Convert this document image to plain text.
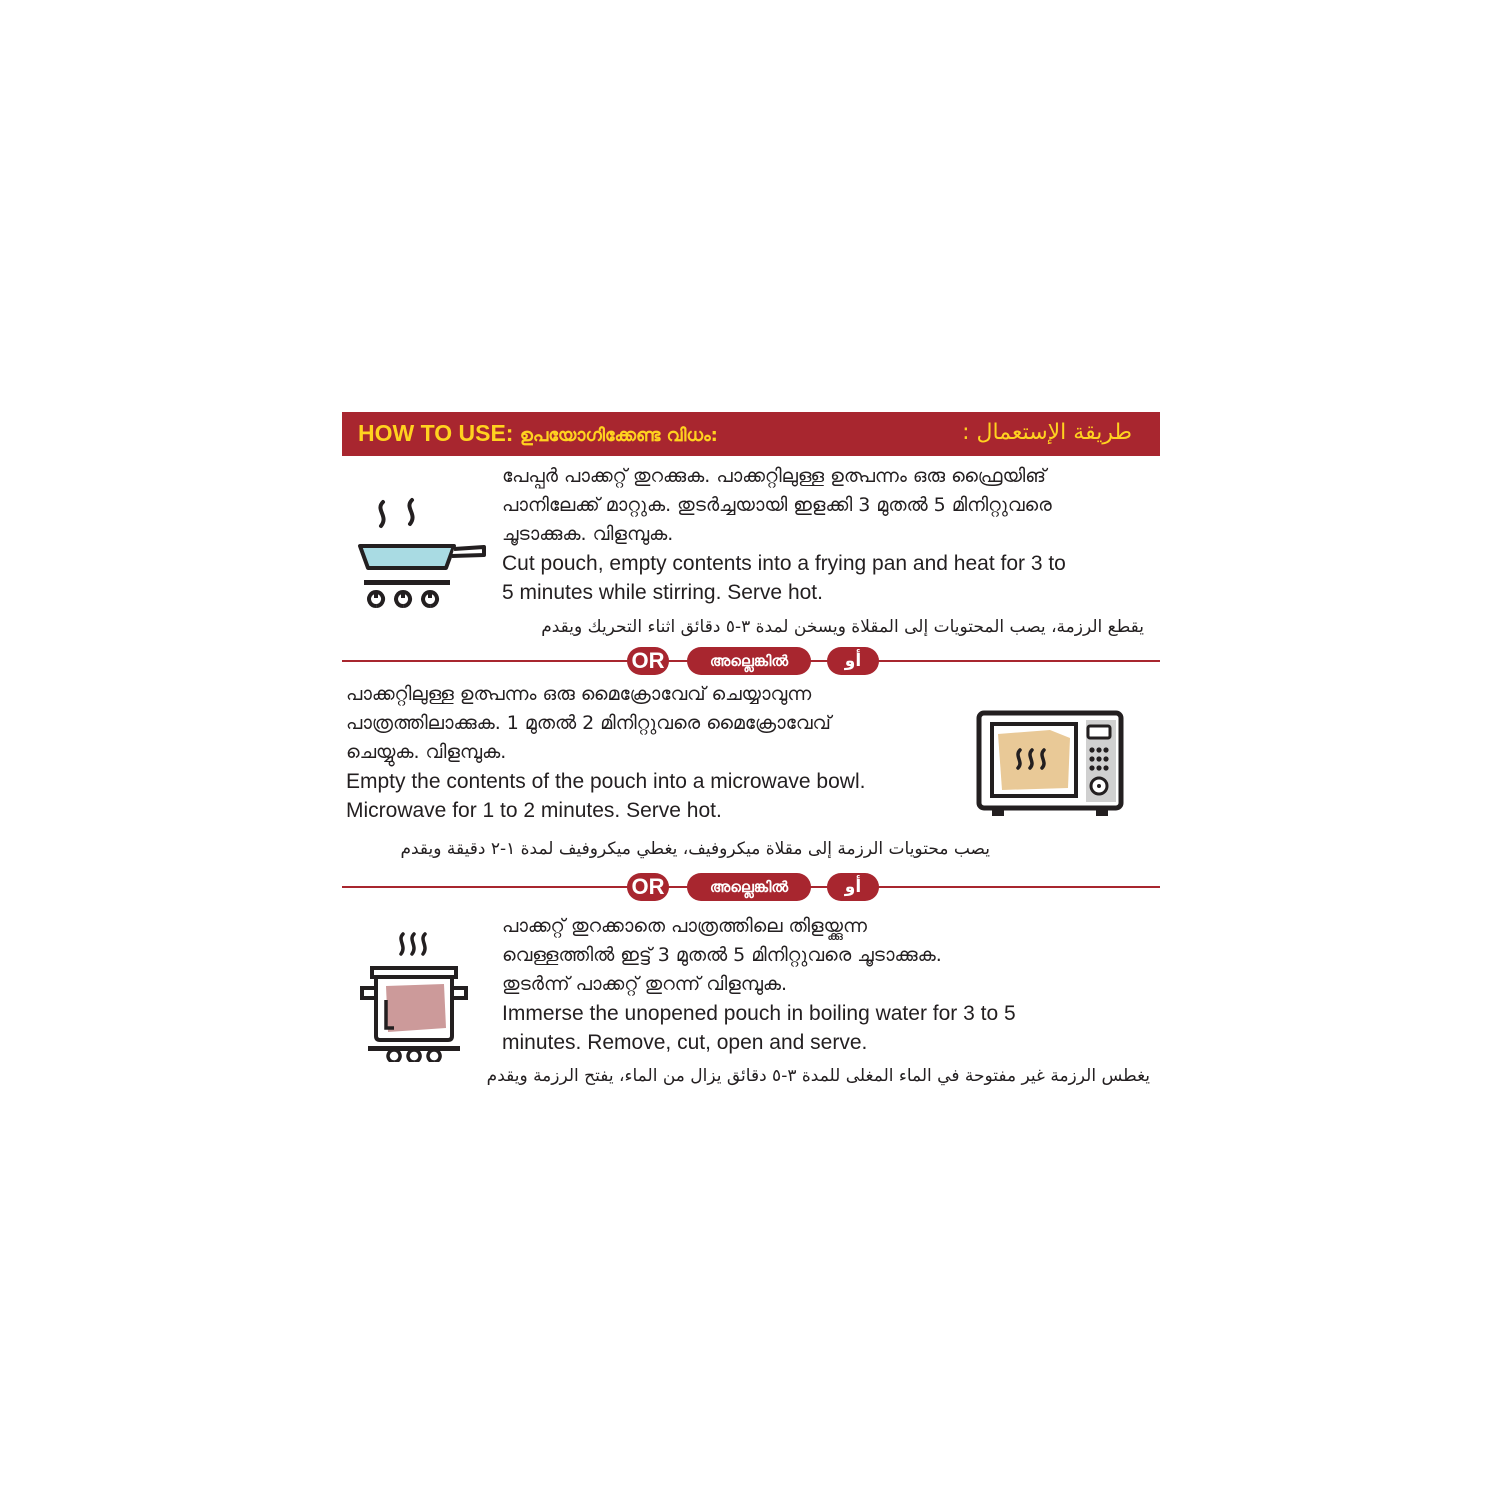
HOW TO USE: ഉപയോഗിക്കേണ്ട വിധം:	طريقة الإستعمال :
പേപ്പർ പാക്കറ്റ് തുറക്കുക. പാക്കറ്റിലുള്ള ഉത്പന്നം ഒരു ഫ്രൈയിങ്
പാനിലേക്ക് മാറ്റുക. തുടർച്ചയായി ഇളക്കി 3 മുതൽ 5 മിനിറ്റുവരെ
ചൂടാക്കുക. വിളമ്പുക.
Cut pouch, empty contents into a frying pan and heat for 3 to
5 minutes while stirring. Serve hot.
يقطع الرزمة، يصب المحتويات إلى المقلاة ويسخن لمدة ٣-٥ دقائق اثناء التحريك ويقدم
OR	അല്ലെങ്കിൽ	أو
പാക്കറ്റിലുള്ള ഉത്പന്നം ഒരു മൈക്രോവേവ് ചെയ്യാവുന്ന
പാത്രത്തിലാക്കുക. 1 മുതൽ 2 മിനിറ്റുവരെ മൈക്രോവേവ്
ചെയ്യുക. വിളമ്പുക.
Empty the contents of the pouch into a microwave bowl.
Microwave for 1 to 2 minutes. Serve hot.
يصب محتويات الرزمة إلى مقلاة ميكروفيف، يغطي ميكروفيف لمدة ١-٢ دقيقة ويقدم
OR	അല്ലെങ്കിൽ	أو
പാക്കറ്റ് തുറക്കാതെ പാത്രത്തിലെ തിളയ്ക്കുന്ന
വെള്ളത്തിൽ ഇട്ട് 3 മുതൽ 5 മിനിറ്റുവരെ ചൂടാക്കുക.
തുടർന്ന് പാക്കറ്റ് തുറന്ന് വിളമ്പുക.
Immerse the unopened pouch in boiling water for 3 to 5
minutes. Remove, cut, open and serve.
يغطس الرزمة غير مفتوحة في الماء المغلى للمدة ٣-٥ دقائق يزال من الماء، يفتح الرزمة ويقدم
